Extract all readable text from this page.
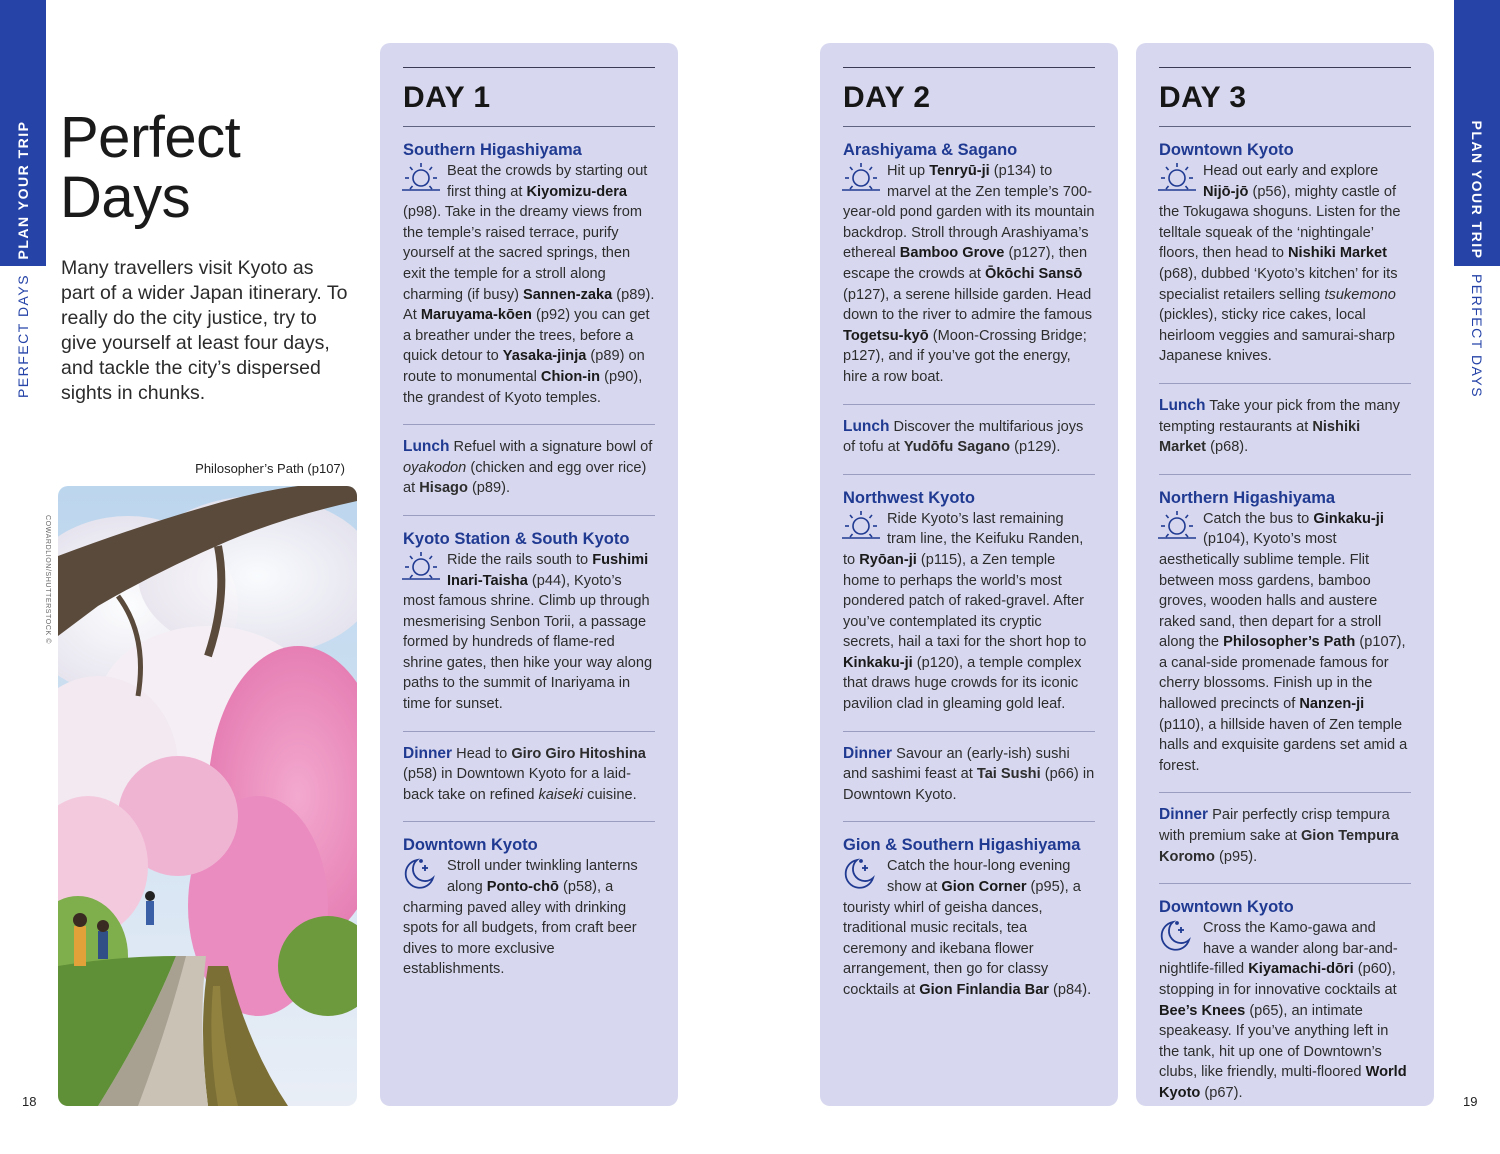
PLAN YOUR TRIP
PERFECT DAYS
PLAN YOUR TRIP
PERFECT DAYS
18	19
Perfect
Days

Many travellers visit Kyoto as part of a wider Japan itinerary. To really do the city justice, try to give yourself at least four days, and tackle the city’s dispersed sights in chunks.

Philosopher’s Path (p107)
COWARDLION/SHUTTERSTOCK ©
DAY 1
Southern Higashiyama

Beat the crowds by starting out first thing at Kiyomizu-dera (p98). Take in the dreamy views from the temple’s raised terrace, purify yourself at the sacred springs, then exit the temple for a stroll along charming (if busy) Sannen-zaka (p89). At Maruyama-kōen (p92) you can get a breather under the trees, before a quick detour to Yasaka-jinja (p89) on route to monumental Chion-in (p90), the grandest of Kyoto temples.

Lunch Refuel with a signature bowl of oyakodon (chicken and egg over rice) at Hisago (p89).

Kyoto Station & South Kyoto

Ride the rails south to Fushimi Inari-Taisha (p44), Kyoto’s most famous shrine. Climb up through mesmerising Senbon Torii, a passage formed by hundreds of flame-red shrine gates, then hike your way along paths to the summit of Inariyama in time for sunset.

Dinner Head to Giro Giro Hitoshina (p58) in Downtown Kyoto for a laid-back take on refined kaiseki cuisine.

Downtown Kyoto

Stroll under twinkling lanterns along Ponto-chō (p58), a charming paved alley with drinking spots for all budgets, from craft beer dives to more exclusive establishments.

DAY 2
Arashiyama & Sagano

Hit up Tenryū-ji (p134) to marvel at the Zen temple’s 700-year-old pond garden with its mountain backdrop. Stroll through Arashiyama’s ethereal Bamboo Grove (p127), then escape the crowds at Ōkōchi Sansō (p127), a serene hillside garden. Head down to the river to admire the famous Togetsu-kyō (Moon-Crossing Bridge; p127), and if you’ve got the energy, hire a row boat.

Lunch Discover the multifarious joys of tofu at Yudōfu Sagano (p129).

Northwest Kyoto

Ride Kyoto’s last remaining tram line, the Keifuku Randen, to Ryōan-ji (p115), a Zen temple home to perhaps the world’s most pondered patch of raked-gravel. After you’ve contemplated its cryptic secrets, hail a taxi for the short hop to Kinkaku-ji (p120), a temple complex that draws huge crowds for its iconic pavilion clad in gleaming gold leaf.

Dinner Savour an (early-ish) sushi and sashimi feast at Tai Sushi (p66) in Downtown Kyoto.

Gion & Southern Higashiyama

Catch the hour-long evening show at Gion Corner (p95), a touristy whirl of geisha dances, traditional music recitals, tea ceremony and ikebana flower arrangement, then go for classy cocktails at Gion Finlandia Bar (p84).

DAY 3
Downtown Kyoto

Head out early and explore Nijō-jō (p56), mighty castle of the Tokugawa shoguns. Listen for the telltale squeak of the ‘nightingale’ floors, then head to Nishiki Market (p68), dubbed ‘Kyoto’s kitchen’ for its specialist retailers selling tsukemono (pickles), sticky rice cakes, local heirloom veggies and samurai-sharp Japanese knives.

Lunch Take your pick from the many tempting restaurants at Nishiki Market (p68).

Northern Higashiyama

Catch the bus to Ginkaku-ji (p104), Kyoto’s most aesthetically sublime temple. Flit between moss gardens, bamboo groves, wooden halls and austere raked sand, then depart for a stroll along the Philosopher’s Path (p107), a canal-side promenade famous for cherry blossoms. Finish up in the hallowed precincts of Nanzen-ji (p110), a hillside haven of Zen temple halls and exquisite gardens set amid a forest.

Dinner Pair perfectly crisp tempura with premium sake at Gion Tempura Koromo (p95).

Downtown Kyoto

Cross the Kamo-gawa and have a wander along bar-and-nightlife-filled Kiyamachi-dōri (p60), stopping in for innovative cocktails at Bee’s Knees (p65), an intimate speakeasy. If you’ve anything left in the tank, hit up one of Downtown’s clubs, like friendly, multi-floored World Kyoto (p67).
